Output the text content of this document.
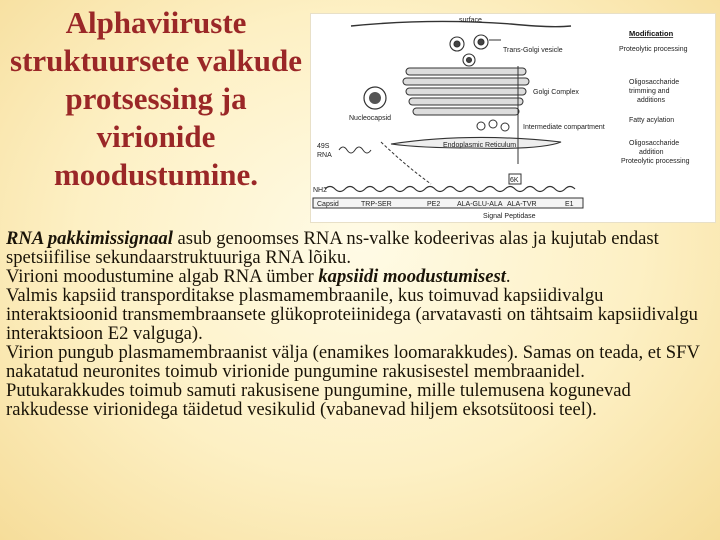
Alphaviiruste
struktuursete valkude
protsessing ja
virionide
moodustumine.
surface
Trans-Golgi vesicle
Golgi Complex
Nucleocapsid
Intermediate compartment
Endoplasmic Reticulum
49S
RNA
NH2
6K
Capsid	TRP-SER	PE2 ALA-GLU-ALA ALA-TVR	E1
Signal Peptidase
Modification
Proteolytic processing
Oligosaccharide
trimming and
additions
Fatty acylation
Oligosaccharide
addition
Proteolytic processing

RNA pakkimissignaal asub genoomses RNA ns-valke kodeerivas alas ja kujutab endast spetsiifilise sekundaarstruktuuriga RNA lõiku.

Virioni moodustumine algab RNA ümber kapsiidi moodustumisest.

Valmis kapsiid transporditakse plasmamembraanile, kus toimuvad kapsiidivalgu interaktsioonid transmembraansete glükoproteiinidega (arvatavasti on tähtsaim kapsiidivalgu interaktsioon E2 valguga).

Virion pungub plasmamembraanist välja (enamikes loomarakkudes). Samas on teada, et SFV nakatatud neuronites toimub virionide pungumine rakusisestel membraanidel.

Putukarakkudes toimub samuti rakusisene pungumine, mille tulemusena kogunevad rakkudesse virionidega täidetud vesikulid (vabanevad hiljem eksotsütoosi teel).
